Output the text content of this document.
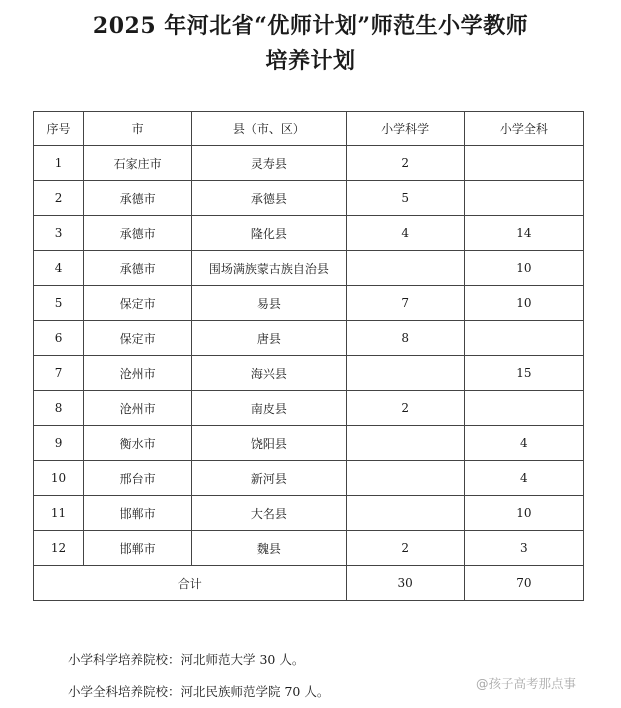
2025 年河北省“优师计划”师范生小学教师
培养计划
序号	市	县（市、区）	小学科学	小学全科
1	石家庄市	灵寿县	2	
2	承德市	承德县	5	
3	承德市	隆化县	4	14
4	承德市	围场满族蒙古族自治县		10
5	保定市	易县	7	10
6	保定市	唐县	8	
7	沧州市	海兴县		15
8	沧州市	南皮县	2	
9	衡水市	饶阳县		4
10	邢台市	新河县		4
11	邯郸市	大名县		10
12	邯郸市	魏县	2	3
合计			30	70
小学科学培养院校：河北师范大学 30 人。
小学全科培养院校：河北民族师范学院 70 人。
@孩子高考那点事
